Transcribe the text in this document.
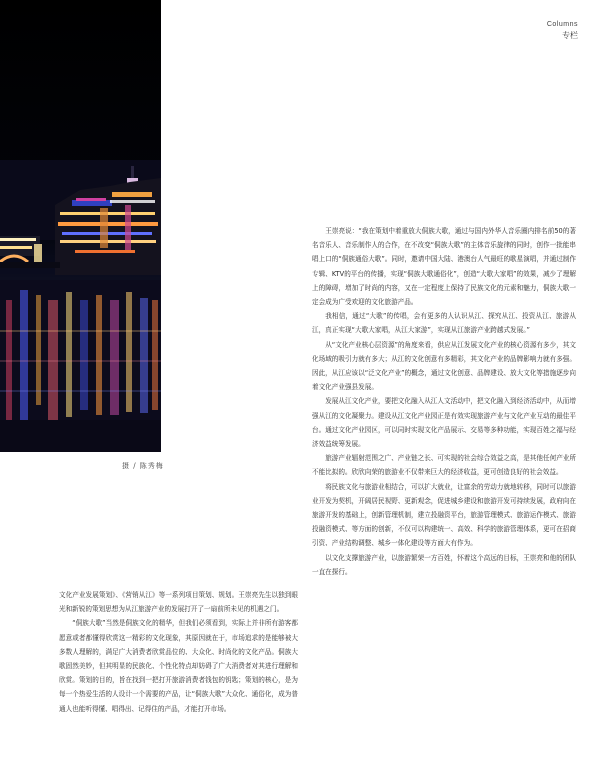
摄 / 陈秀梅
Columns
专栏

王崇亮说：“我在策划中着重放大侗族大歌，通过与国内外华人音乐圈内排名前50的著名音乐人、音乐制作人的合作，在不改变“侗族大歌”的主体音乐旋律的同时，创作一批能串唱上口的“侗族通俗大歌”。同时，邀请中国大陆、港澳台人气最旺的歌星演唱，并通过制作专辑、KTV的平台的传播，实现“侗族大歌通俗化”，创造“大歌大家唱”的效果，减少了理解上的障碍，增加了时尚的内容，又在一定程度上保持了民族文化的元素和魅力，侗族大歌一定会成为广受欢迎的文化旅游产品。

我相信，通过“大歌”的传唱，会有更多的人认识从江、探究从江、投资从江、旅游从江，真正实现“大歌大家唱，从江大家游”，实现从江旅游产业跨越式发展。”

从“文化产业核心层资源”的角度来看，供应从江发展文化产业的核心资源有多少，其文化场域的吸引力就有多大；从江的文化创意有多精彩，其文化产业的品牌影响力就有多强。因此，从江应该以“泛文化产业”的概念，通过文化创意、品牌建设、放大文化等措施逐步向着文化产业强县发展。

发展从江文化产业，要把文化融入从江人文活动中，把文化融入到经济活动中，从而增强从江的文化凝聚力。建设从江文化产业园正是有效实现旅游产业与文化产业互动的最佳平台。通过文化产业园区，可以同时实现文化产品展示、交易等多种功能，实现百姓之福与经济效益统筹发展。

旅游产业辐射范围之广、产业链之长、可实现的社会综合效益之高，是其他任何产业所不能比拟的。欣欣向荣的旅游业不仅带来巨大的经济收益，更可创造良好的社会效益。

将民族文化与旅游业相结合，可以扩大就业，让富余的劳动力就地转移，同时可以旅游业开发为契机，开阔居民视野、更新观念，促进城乡建设和旅游开发可持续发展，政府向在旅游开发的基础上，创新管理机制，建立投融资平台，旅游管理模式、旅游运作模式、旅游投融资模式、等方面的创新，不仅可以构建统一、高效、科学的旅游管理体系，更可在招商引资、产业结构调整、城乡一体化建设等方面大有作为。

以文化支撑旅游产业，以旅游繁荣一方百姓，怀着这个高远的目标，王崇亮和他的团队一直在探行。

文化产业发展策划》、《营销从江》等一系列项目策划、规划。王崇亮先生以独到眼光和新锐的策划思想为从江旅游产业的发展打开了一扇前所未见的机遇之门。

“侗族大歌”当然是侗族文化的精华，但我们必须看到，实际上并非所有游客都愿意或者都懂得欣赏这一精彩的文化现象，其原因就在于，市场追求的是能够被大多数人理解的，满足广大消费者欣赏品位的、大众化、时尚化的文化产品。侗族大歌固然美妙，但其明显的民族化、个性化特点却妨碍了广大消费者对其进行理解和欣赏。策划的目的，旨在找到一把打开旅游消费者钱包的钥匙；策划的核心，是为每一个热爱生活的人设计一个需要的产品，让“侗族大歌”大众化、通俗化，成为普通人也能听得懂、唱得出、记得住的产品，才能打开市场。
